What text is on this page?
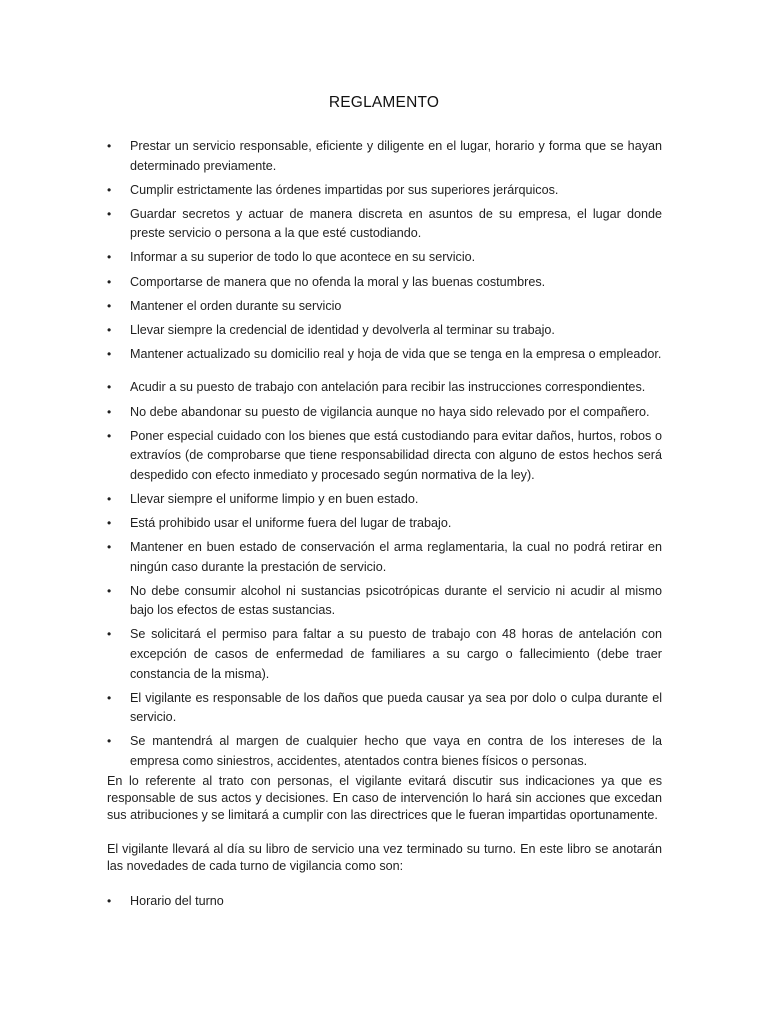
REGLAMENTO
• Prestar un servicio responsable, eficiente y diligente en el lugar, horario y forma que se hayan determinado previamente.
• Cumplir estrictamente las órdenes impartidas por sus superiores jerárquicos.
• Guardar secretos y actuar de manera discreta en asuntos de su empresa, el lugar donde preste servicio o persona a la que esté custodiando.
• Informar a su superior de todo lo que acontece en su servicio.
• Comportarse de manera que no ofenda la moral y las buenas costumbres.
• Mantener el orden durante su servicio
• Llevar siempre la credencial de identidad y devolverla al terminar su trabajo.
• Mantener actualizado su domicilio real y hoja de vida que se tenga en la empresa o empleador.
• Acudir a su puesto de trabajo con antelación para recibir las instrucciones correspondientes.
• No debe abandonar su puesto de vigilancia aunque no haya sido relevado por el compañero.
• Poner especial cuidado con los bienes que está custodiando para evitar daños, hurtos, robos o extravíos (de comprobarse que tiene responsabilidad directa con alguno de estos hechos será despedido con efecto inmediato y procesado según normativa de la ley).
• Llevar siempre el uniforme limpio y en buen estado.
• Está prohibido usar el uniforme fuera del lugar de trabajo.
• Mantener en buen estado de conservación el arma reglamentaria, la cual no podrá retirar en ningún caso durante la prestación de servicio.
• No debe consumir alcohol ni sustancias psicotrópicas durante el servicio ni acudir al mismo bajo los efectos de estas sustancias.
• Se solicitará el permiso para faltar a su puesto de trabajo con 48 horas de antelación con excepción de casos de enfermedad de familiares a su cargo o fallecimiento (debe traer constancia de la misma).
• El vigilante es responsable de los daños que pueda causar ya sea por dolo o culpa durante el servicio.
• Se mantendrá al margen de cualquier hecho que vaya en contra de los intereses de la empresa como siniestros, accidentes, atentados contra bienes físicos o personas.

En lo referente al trato con personas, el vigilante evitará discutir sus indicaciones ya que es responsable de sus actos y decisiones. En caso de intervención lo hará sin acciones que excedan sus atribuciones y se limitará a cumplir con las directrices que le fueran impartidas oportunamente.

El vigilante llevará al día su libro de servicio una vez terminado su turno. En este libro se anotarán las novedades de cada turno de vigilancia como son:

• Horario del turno
